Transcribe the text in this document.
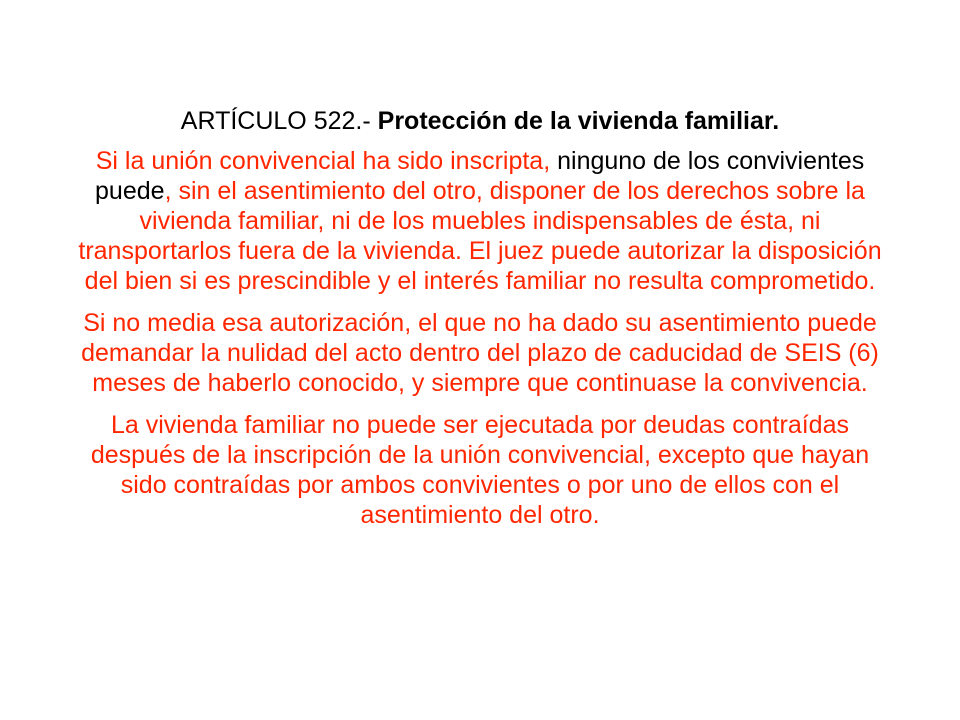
ARTÍCULO 522.- Protección de la vivienda familiar.

Si la unión convivencial ha sido inscripta, ninguno de los convivientes puede, sin el asentimiento del otro, disponer de los derechos sobre la vivienda familiar, ni de los muebles indispensables de ésta, ni transportarlos fuera de la vivienda. El juez puede autorizar la disposición del bien si es prescindible y el interés familiar no resulta comprometido.

Si no media esa autorización, el que no ha dado su asentimiento puede demandar la nulidad del acto dentro del plazo de caducidad de SEIS (6) meses de haberlo conocido, y siempre que continuase la convivencia.

La vivienda familiar no puede ser ejecutada por deudas contraídas después de la inscripción de la unión convivencial, excepto que hayan sido contraídas por ambos convivientes o por uno de ellos con el asentimiento del otro.
